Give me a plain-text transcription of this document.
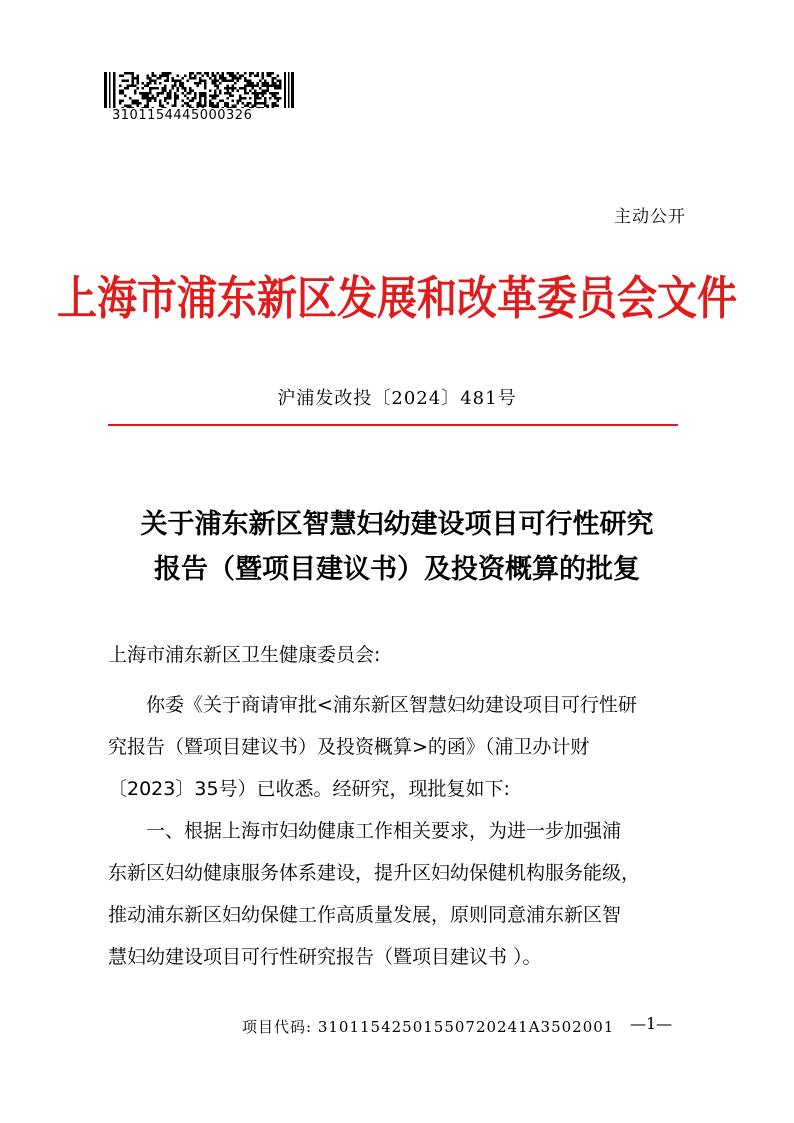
3101154445000326
主动公开
上海市浦东新区发展和改革委员会文件
沪浦发改投〔2024〕481号
关于浦东新区智慧妇幼建设项目可行性研究
报告（暨项目建议书）及投资概算的批复
上海市浦东新区卫生健康委员会:
你委《关于商请审批<浦东新区智慧妇幼建设项目可行性研
究报告（暨项目建议书）及投资概算>的函》（浦卫办计财
〔2023〕35号）已收悉。经研究，现批复如下:
一、根据上海市妇幼健康工作相关要求，为进一步加强浦
东新区妇幼健康服务体系建设，提升区妇幼保健机构服务能级，
推动浦东新区妇幼保健工作高质量发展，原则同意浦东新区智
慧妇幼建设项目可行性研究报告（暨项目建议书 ）。
项目代码: 31011542501550720241A3502001 —1—
